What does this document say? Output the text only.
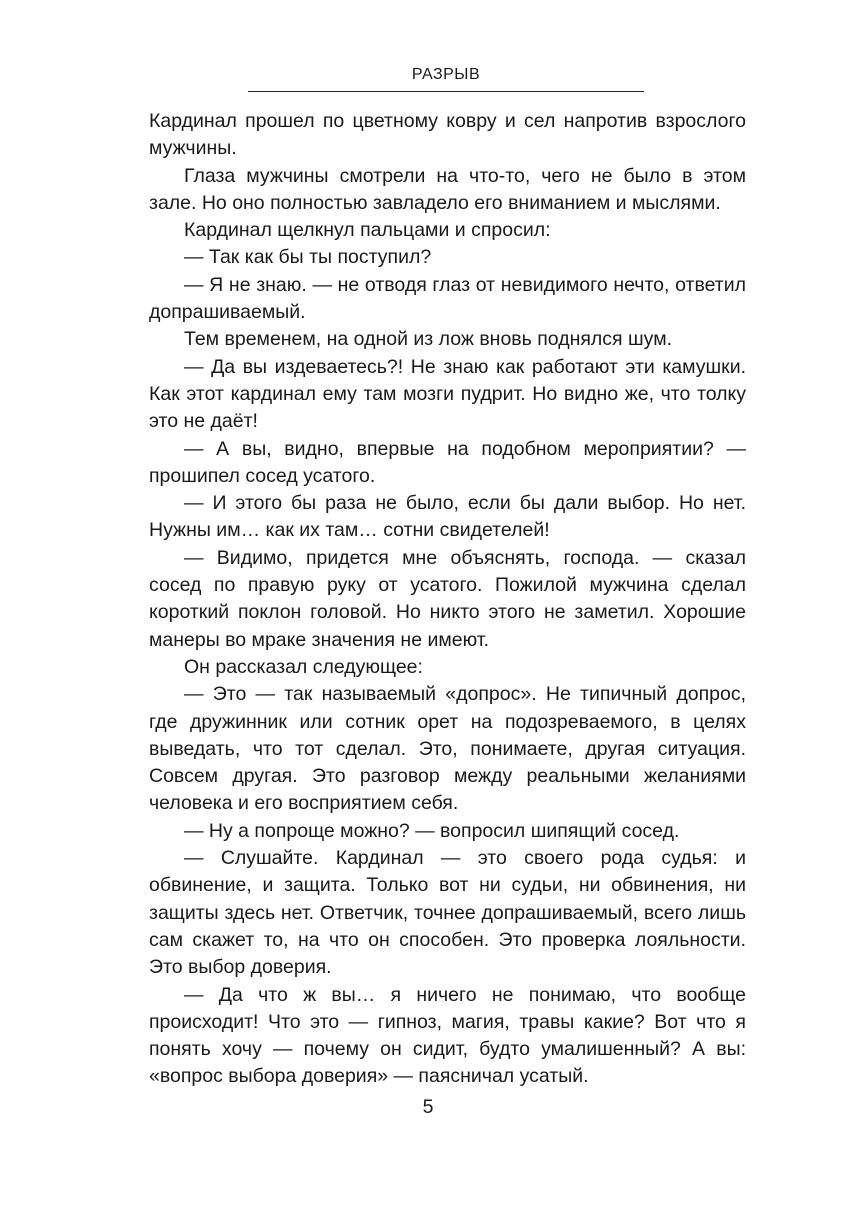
РАЗРЫВ

Кардинал прошел по цветному ковру и сел напротив взрослого мужчины.

Глаза мужчины смотрели на что-то, чего не было в этом зале. Но оно полностью завладело его вниманием и мыслями.

Кардинал щелкнул пальцами и спросил:

— Так как бы ты поступил?

— Я не знаю. — не отводя глаз от невидимого нечто, ответил допрашиваемый.

Тем временем, на одной из лож вновь поднялся шум.

— Да вы издеваетесь?! Не знаю как работают эти камушки. Как этот кардинал ему там мозги пудрит. Но видно же, что толку это не даёт!

— А вы, видно, впервые на подобном мероприятии? — прошипел сосед усатого.

— И этого бы раза не было, если бы дали выбор. Но нет. Нужны им… как их там… сотни свидетелей!

— Видимо, придется мне объяснять, господа. — сказал сосед по правую руку от усатого. Пожилой мужчина сделал короткий поклон головой. Но никто этого не заметил. Хорошие манеры во мраке значения не имеют.

Он рассказал следующее:

— Это — так называемый «допрос». Не типичный допрос, где дружинник или сотник орет на подозреваемого, в целях выведать, что тот сделал. Это, понимаете, другая ситуация. Совсем другая. Это разговор между реальными желаниями человека и его восприятием себя.

— Ну а попроще можно? — вопросил шипящий сосед.

— Слушайте. Кардинал — это своего рода судья: и обвинение, и защита. Только вот ни судьи, ни обвинения, ни защиты здесь нет. Ответчик, точнее допрашиваемый, всего лишь сам скажет то, на что он способен. Это проверка лояльности. Это выбор доверия.

— Да что ж вы… я ничего не понимаю, что вообще происходит! Что это — гипноз, магия, травы какие? Вот что я понять хочу — почему он сидит, будто умалишенный? А вы: «вопрос выбора доверия» — паясничал усатый.

5
